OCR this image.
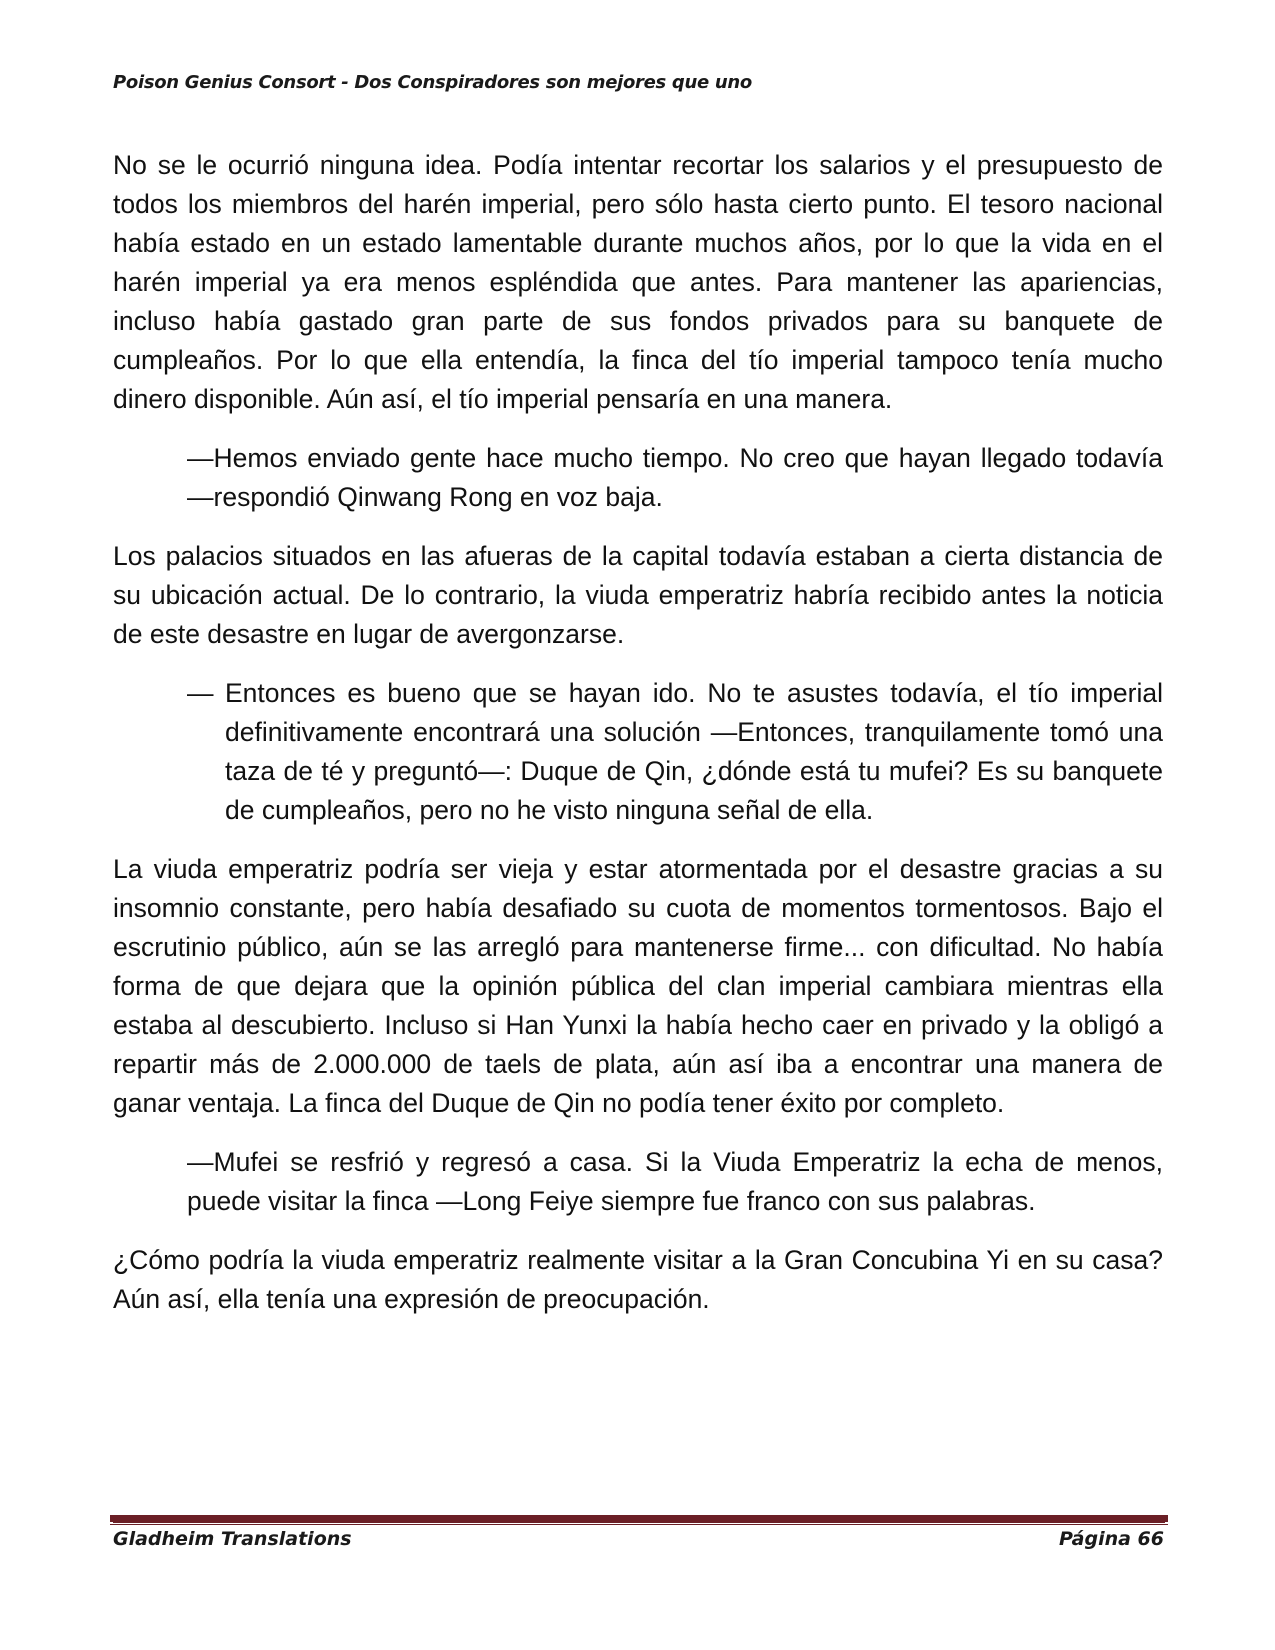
Poison Genius Consort - Dos Conspiradores son mejores que uno

No se le ocurrió ninguna idea. Podía intentar recortar los salarios y el presupuesto de todos los miembros del harén imperial, pero sólo hasta cierto punto. El tesoro nacional había estado en un estado lamentable durante muchos años, por lo que la vida en el harén imperial ya era menos espléndida que antes. Para mantener las apariencias, incluso había gastado gran parte de sus fondos privados para su banquete de cumpleaños. Por lo que ella entendía, la finca del tío imperial tampoco tenía mucho dinero disponible. Aún así, el tío imperial pensaría en una manera.

—Hemos enviado gente hace mucho tiempo. No creo que hayan llegado todavía —respondió Qinwang Rong en voz baja.

Los palacios situados en las afueras de la capital todavía estaban a cierta distancia de su ubicación actual. De lo contrario, la viuda emperatriz habría recibido antes la noticia de este desastre en lugar de avergonzarse.

— Entonces es bueno que se hayan ido. No te asustes todavía, el tío imperial definitivamente encontrará una solución —Entonces, tranquilamente tomó una taza de té y preguntó—: Duque de Qin, ¿dónde está tu mufei? Es su banquete de cumpleaños, pero no he visto ninguna señal de ella.

La viuda emperatriz podría ser vieja y estar atormentada por el desastre gracias a su insomnio constante, pero había desafiado su cuota de momentos tormentosos. Bajo el escrutinio público, aún se las arregló para mantenerse firme... con dificultad. No había forma de que dejara que la opinión pública del clan imperial cambiara mientras ella estaba al descubierto. Incluso si Han Yunxi la había hecho caer en privado y la obligó a repartir más de 2.000.000 de taels de plata, aún así iba a encontrar una manera de ganar ventaja. La finca del Duque de Qin no podía tener éxito por completo.

—Mufei se resfrió y regresó a casa. Si la Viuda Emperatriz la echa de menos, puede visitar la finca —Long Feiye siempre fue franco con sus palabras.

¿Cómo podría la viuda emperatriz realmente visitar a la Gran Concubina Yi en su casa? Aún así, ella tenía una expresión de preocupación.

Gladheim Translations	Página 66
